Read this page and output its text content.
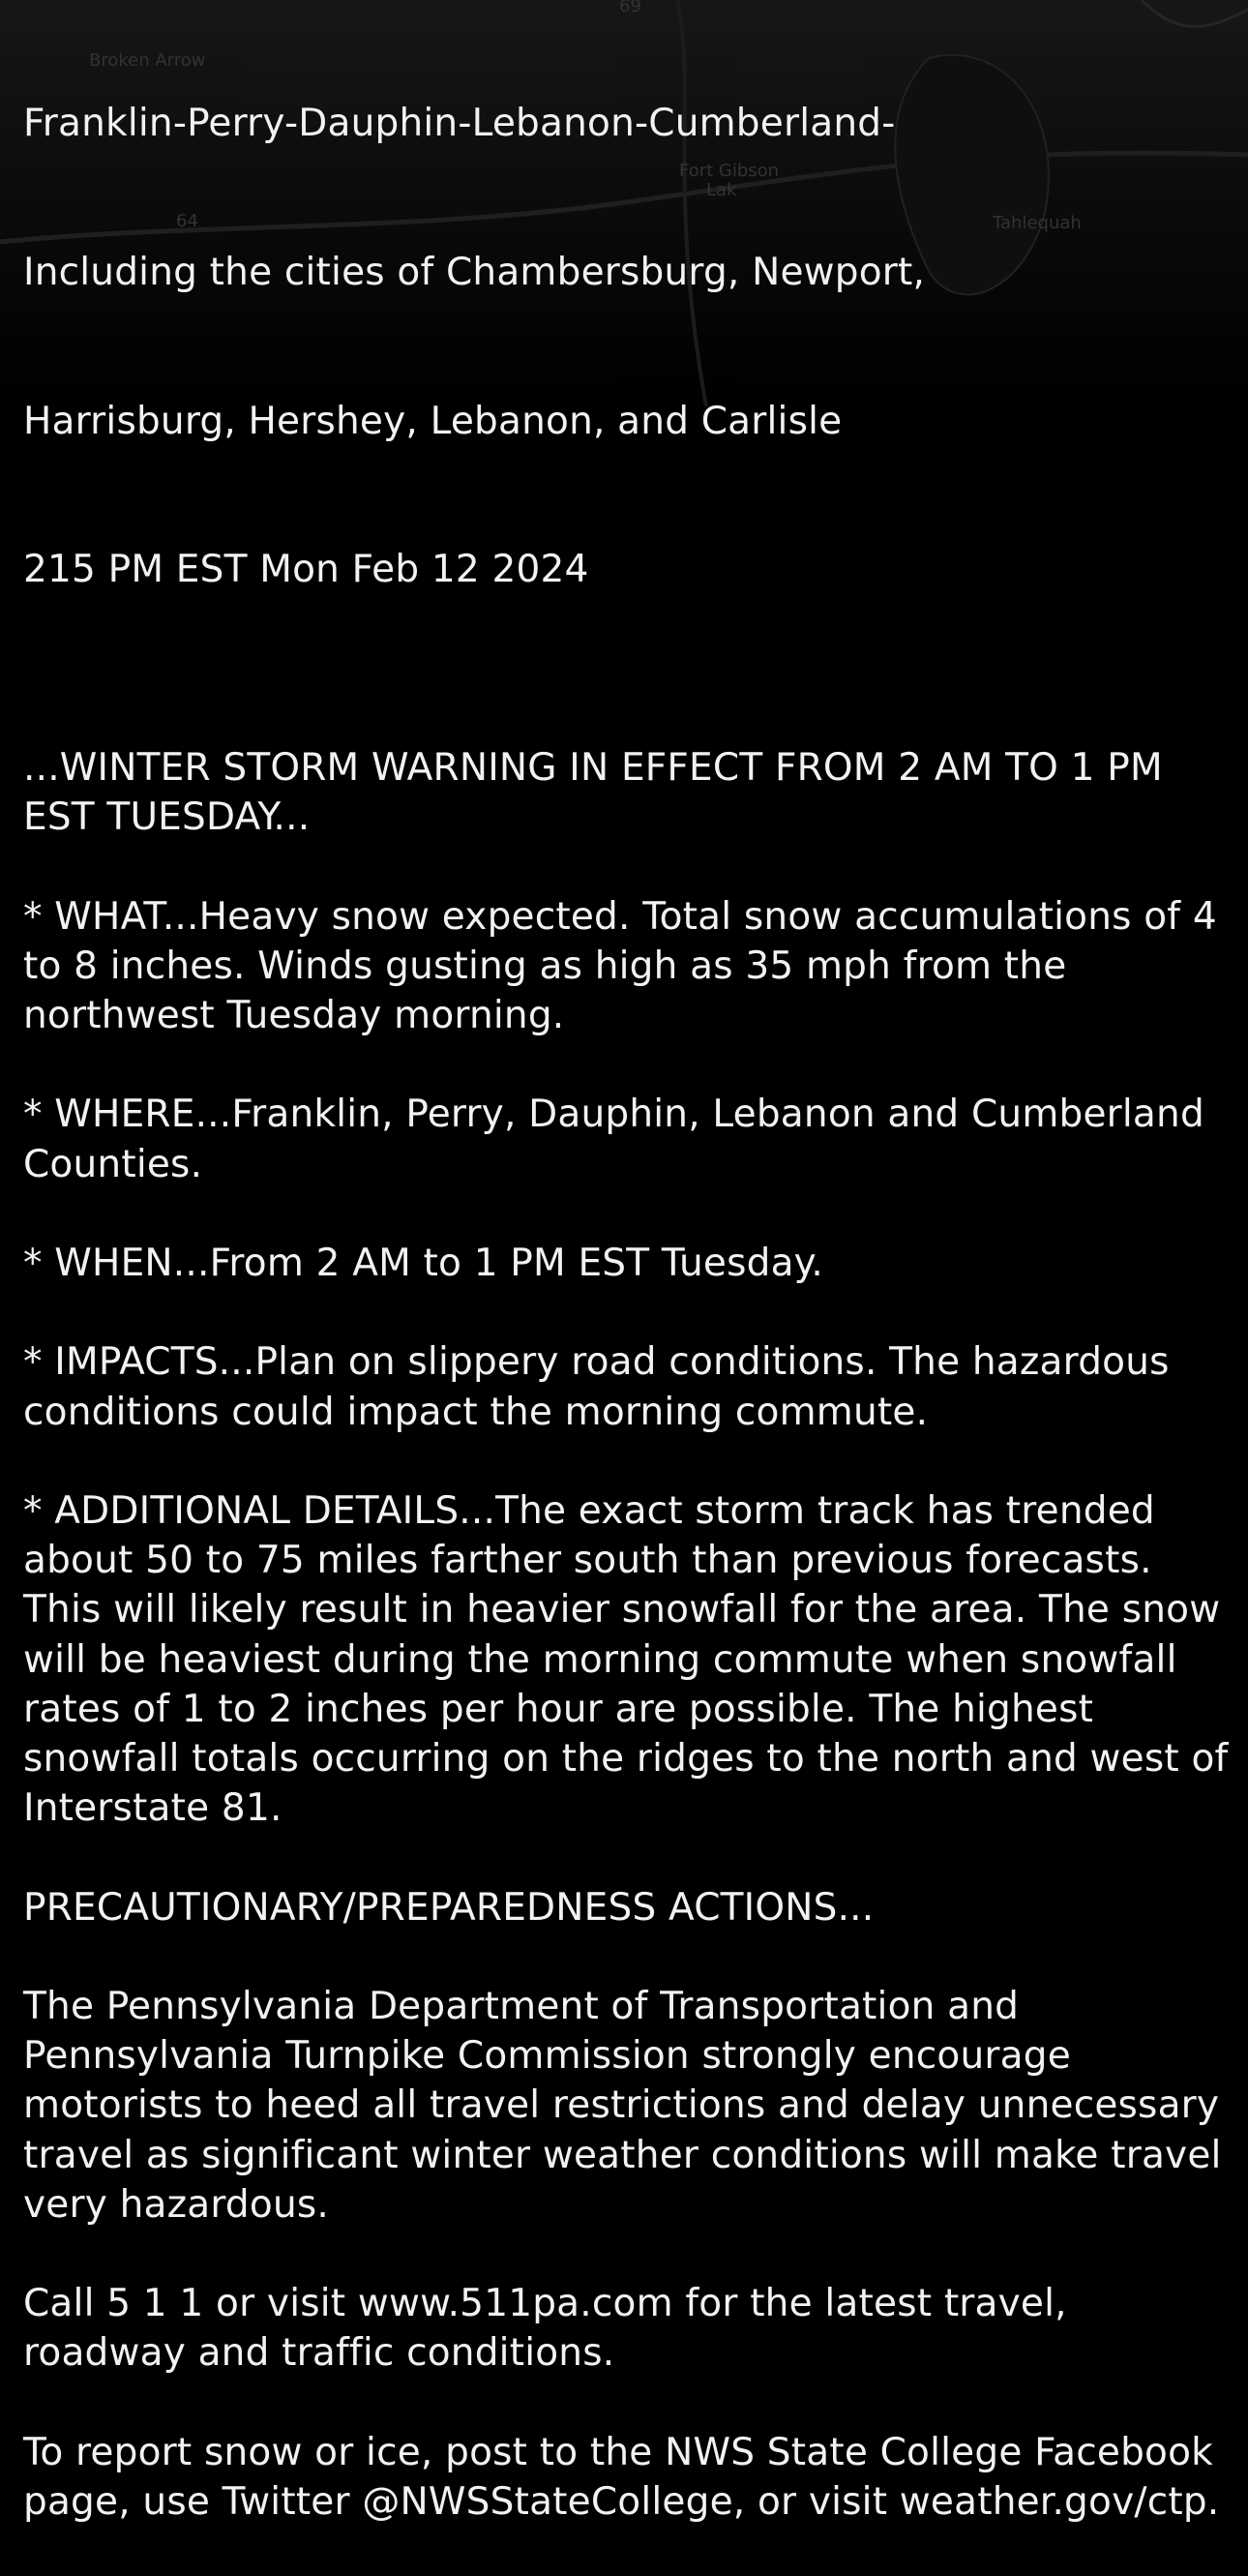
Broken Arrow
Fort Gibson
Lak
Tahlequah
64
69

Franklin-Perry-Dauphin-Lebanon-Cumberland-

Including the cities of Chambersburg, Newport,

Harrisburg, Hershey, Lebanon, and Carlisle

215 PM EST Mon Feb 12 2024

...WINTER STORM WARNING IN EFFECT FROM 2 AM TO 1 PM EST TUESDAY...

* WHAT...Heavy snow expected. Total snow accumulations of 4 to 8 inches. Winds gusting as high as 35 mph from the northwest Tuesday morning.

* WHERE...Franklin, Perry, Dauphin, Lebanon and Cumberland Counties.

* WHEN...From 2 AM to 1 PM EST Tuesday.

* IMPACTS...Plan on slippery road conditions. The hazardous conditions could impact the morning commute.

* ADDITIONAL DETAILS...The exact storm track has trended about 50 to 75 miles farther south than previous forecasts. This will likely result in heavier snowfall for the area. The snow will be heaviest during the morning commute when snowfall rates of 1 to 2 inches per hour are possible. The highest snowfall totals occurring on the ridges to the north and west of Interstate 81.

PRECAUTIONARY/PREPAREDNESS ACTIONS...

The Pennsylvania Department of Transportation and Pennsylvania Turnpike Commission strongly encourage motorists to heed all travel restrictions and delay unnecessary travel as significant winter weather conditions will make travel very hazardous.

Call 5 1 1 or visit www.511pa.com for the latest travel, roadway and traffic conditions.

To report snow or ice, post to the NWS State College Facebook page, use Twitter @NWSStateCollege, or visit weather.gov/ctp.
